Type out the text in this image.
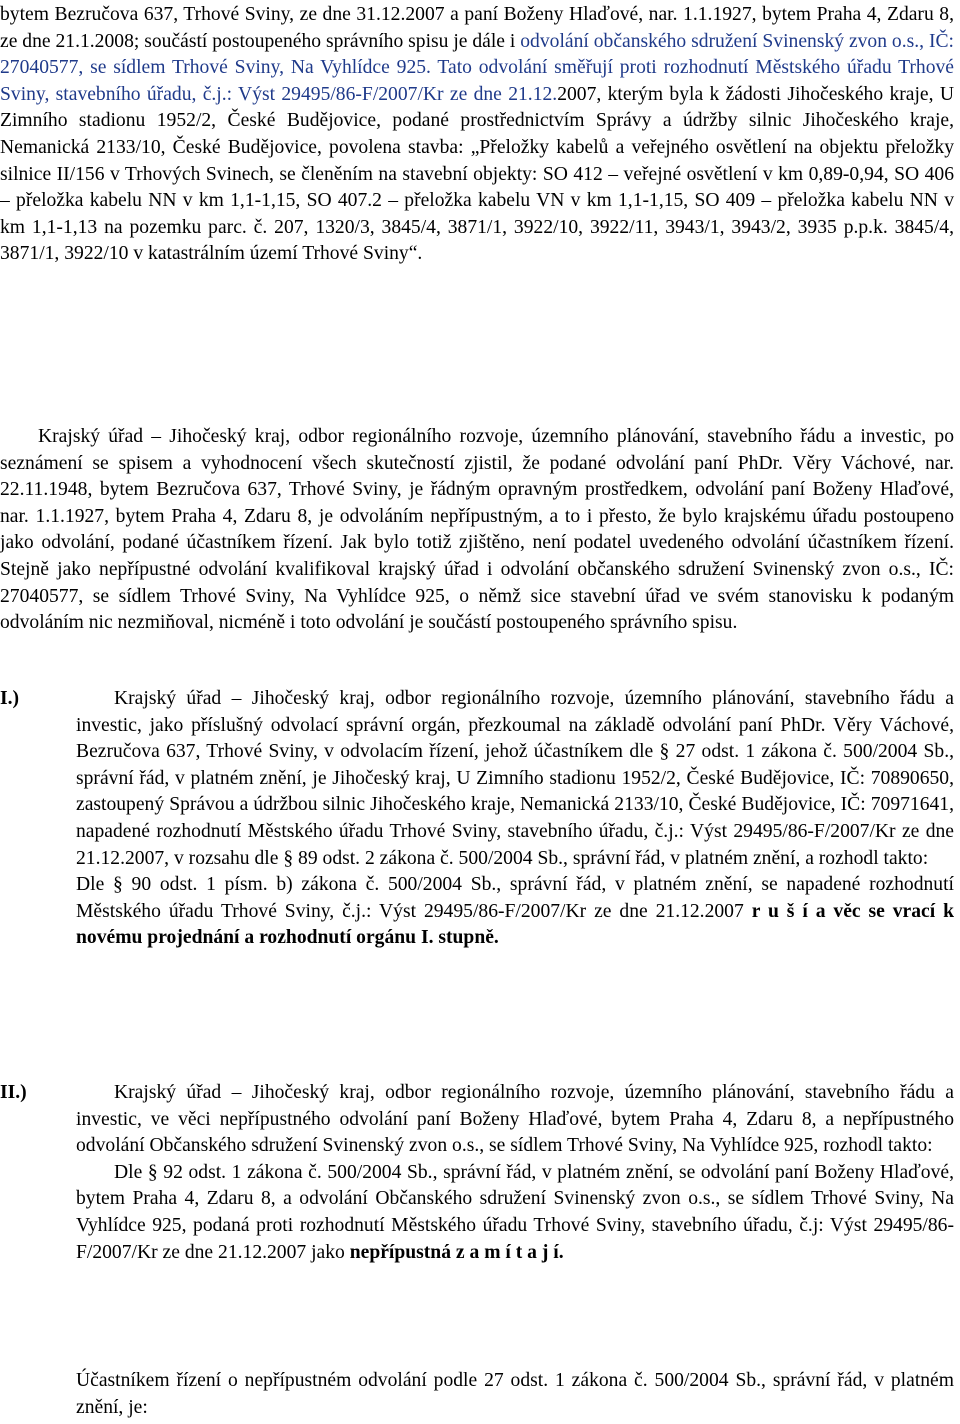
bytem Bezručova 637, Trhové Sviny, ze dne 31.12.2007 a paní Boženy Hlaďové, nar. 1.1.1927, bytem Praha 4, Zdaru 8, ze dne 21.1.2008; součástí postoupeného správního spisu je dále i odvolání občanského sdružení Svinenský zvon o.s., IČ: 27040577, se sídlem Trhové Sviny, Na Vyhlídce 925. Tato odvolání směřují proti rozhodnutí Městského úřadu Trhové Sviny, stavebního úřadu, č.j.: Výst 29495/86-F/2007/Kr ze dne 21.12.2007, kterým byla k žádosti Jihočeského kraje, U Zimního stadionu 1952/2, České Budějovice, podané prostřednictvím Správy a údržby silnic Jihočeského kraje, Nemanická 2133/10, České Budějovice, povolena stavba: „Přeložky kabelů a veřejného osvětlení na objektu přeložky silnice II/156 v Trhových Svinech, se členěním na stavební objekty: SO 412 – veřejné osvětlení v km 0,89-0,94, SO 406 – přeložka kabelu NN v km 1,1-1,15, SO 407.2 – přeložka kabelu VN v km 1,1-1,15, SO 409 – přeložka kabelu NN v km 1,1-1,13 na pozemku parc. č. 207, 1320/3, 3845/4, 3871/1, 3922/10, 3922/11, 3943/1, 3943/2, 3935 p.p.k. 3845/4, 3871/1, 3922/10 v katastrálním území Trhové Sviny“.

Krajský úřad – Jihočeský kraj, odbor regionálního rozvoje, územního plánování, stavebního řádu a investic, po seznámení se spisem a vyhodnocení všech skutečností zjistil, že podané odvolání paní PhDr. Věry Váchové, nar. 22.11.1948, bytem Bezručova 637, Trhové Sviny, je řádným opravným prostředkem, odvolání paní Boženy Hlaďové, nar. 1.1.1927, bytem Praha 4, Zdaru 8, je odvoláním nepřípustným, a to i přesto, že bylo krajskému úřadu postoupeno jako odvolání, podané účastníkem řízení. Jak bylo totiž zjištěno, není podatel uvedeného odvolání účastníkem řízení. Stejně jako nepřípustné odvolání kvalifikoval krajský úřad i odvolání občanského sdružení Svinenský zvon o.s., IČ: 27040577, se sídlem Trhové Sviny, Na Vyhlídce 925, o němž sice stavební úřad ve svém stanovisku k podaným odvoláním nic nezmiňoval, nicméně i toto odvolání je součástí postoupeného správního spisu.

I.)	Krajský úřad – Jihočeský kraj, odbor regionálního rozvoje, územního plánování, stavebního řádu a investic, jako příslušný odvolací správní orgán, přezkoumal na základě odvolání paní PhDr. Věry Váchové, Bezručova 637, Trhové Sviny, v odvolacím řízení, jehož účastníkem dle § 27 odst. 1 zákona č. 500/2004 Sb., správní řád, v platném znění, je Jihočeský kraj, U Zimního stadionu 1952/2, České Budějovice, IČ: 70890650, zastoupený Správou a údržbou silnic Jihočeského kraje, Nemanická 2133/10, České Budějovice, IČ: 70971641, napadené rozhodnutí Městského úřadu Trhové Sviny, stavebního úřadu, č.j.: Výst 29495/86-F/2007/Kr ze dne 21.12.2007, v rozsahu dle § 89 odst. 2 zákona č. 500/2004 Sb., správní řád, v platném znění, a rozhodl takto:

Dle § 90 odst. 1 písm. b) zákona č. 500/2004 Sb., správní řád, v platném znění, se napadené rozhodnutí Městského úřadu Trhové Sviny, č.j.: Výst 29495/86-F/2007/Kr ze dne 21.12.2007 r u š í a věc se vrací k novému projednání a rozhodnutí orgánu I. stupně.

II.)	Krajský úřad – Jihočeský kraj, odbor regionálního rozvoje, územního plánování, stavebního řádu a investic, ve věci nepřípustného odvolání paní Boženy Hlaďové, bytem Praha 4, Zdaru 8, a nepřípustného odvolání Občanského sdružení Svinenský zvon o.s., se sídlem Trhové Sviny, Na Vyhlídce 925, rozhodl takto:

Dle § 92 odst. 1 zákona č. 500/2004 Sb., správní řád, v platném znění, se odvolání paní Boženy Hlaďové, bytem Praha 4, Zdaru 8, a odvolání Občanského sdružení Svinenský zvon o.s., se sídlem Trhové Sviny, Na Vyhlídce 925, podaná proti rozhodnutí Městského úřadu Trhové Sviny, stavebního úřadu, č.j: Výst 29495/86-F/2007/Kr ze dne 21.12.2007 jako nepřípustná z a m í t a j í.

Účastníkem řízení o nepřípustném odvolání podle 27 odst. 1 zákona č. 500/2004 Sb., správní řád, v platném znění, je:
